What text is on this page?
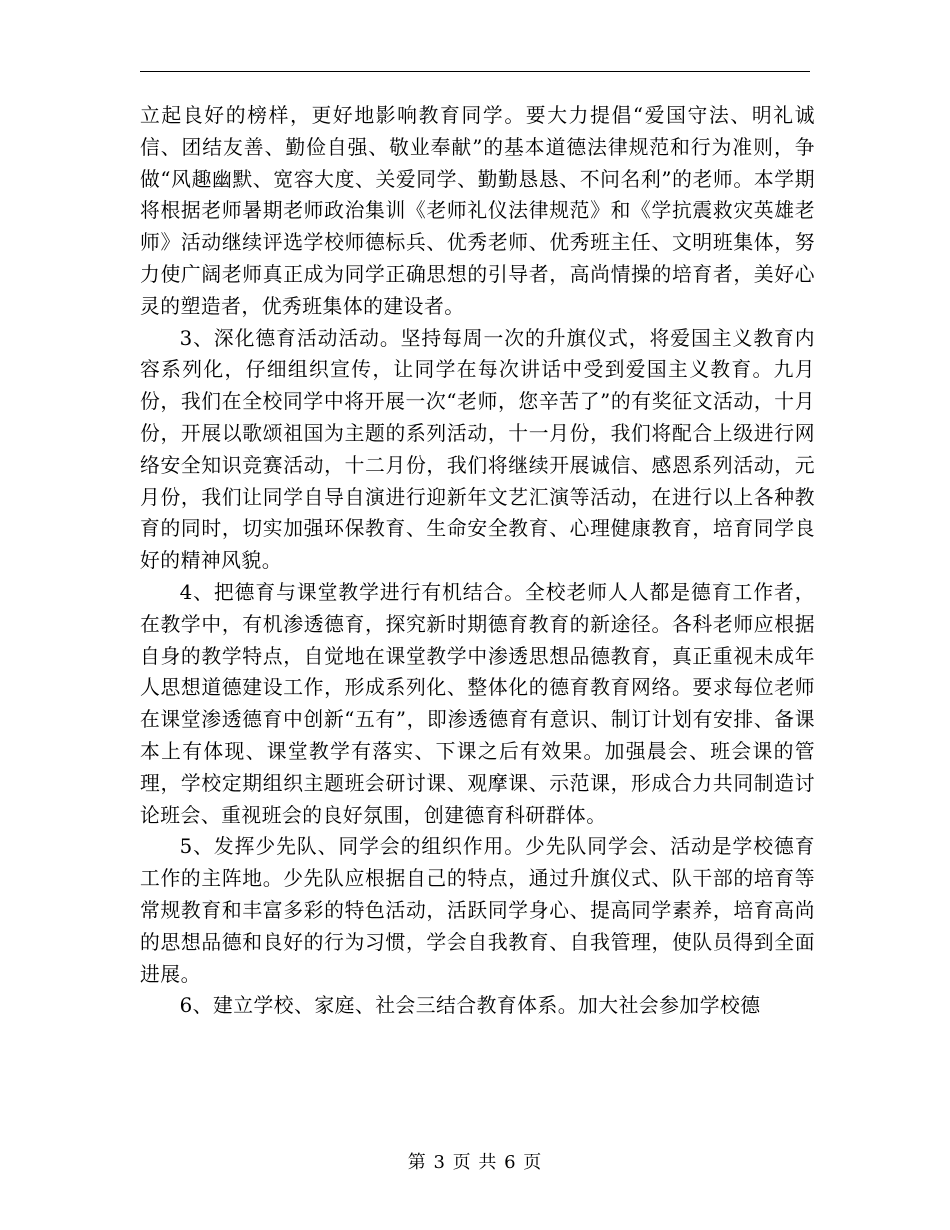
立起良好的榜样，更好地影响教育同学。要大力提倡“爱国守法、明礼诚信、团结友善、勤俭自强、敬业奉献”的基本道德法律规范和行为准则，争做“风趣幽默、宽容大度、关爱同学、勤勤恳恳、不问名利”的老师。本学期将根据老师暑期老师政治集训《老师礼仪法律规范》和《学抗震救灾英雄老师》活动继续评选学校师德标兵、优秀老师、优秀班主任、文明班集体，努力使广阔老师真正成为同学正确思想的引导者，高尚情操的培育者，美好心灵的塑造者，优秀班集体的建设者。

3、深化德育活动活动。坚持每周一次的升旗仪式，将爱国主义教育内容系列化，仔细组织宣传，让同学在每次讲话中受到爱国主义教育。九月份，我们在全校同学中将开展一次“老师，您辛苦了”的有奖征文活动，十月份，开展以歌颂祖国为主题的系列活动，十一月份，我们将配合上级进行网络安全知识竞赛活动，十二月份，我们将继续开展诚信、感恩系列活动，元月份，我们让同学自导自演进行迎新年文艺汇演等活动，在进行以上各种教育的同时，切实加强环保教育、生命安全教育、心理健康教育，培育同学良好的精神风貌。

4、把德育与课堂教学进行有机结合。全校老师人人都是德育工作者，在教学中，有机渗透德育，探究新时期德育教育的新途径。各科老师应根据自身的教学特点，自觉地在课堂教学中渗透思想品德教育，真正重视未成年人思想道德建设工作，形成系列化、整体化的德育教育网络。要求每位老师在课堂渗透德育中创新“五有”，即渗透德育有意识、制订计划有安排、备课本上有体现、课堂教学有落实、下课之后有效果。加强晨会、班会课的管理，学校定期组织主题班会研讨课、观摩课、示范课，形成合力共同制造讨论班会、重视班会的良好氛围，创建德育科研群体。

5、发挥少先队、同学会的组织作用。少先队同学会、活动是学校德育工作的主阵地。少先队应根据自己的特点，通过升旗仪式、队干部的培育等常规教育和丰富多彩的特色活动，活跃同学身心、提高同学素养，培育高尚的思想品德和良好的行为习惯，学会自我教育、自我管理，使队员得到全面进展。

6、建立学校、家庭、社会三结合教育体系。加大社会参加学校德

第 3 页 共 6 页
